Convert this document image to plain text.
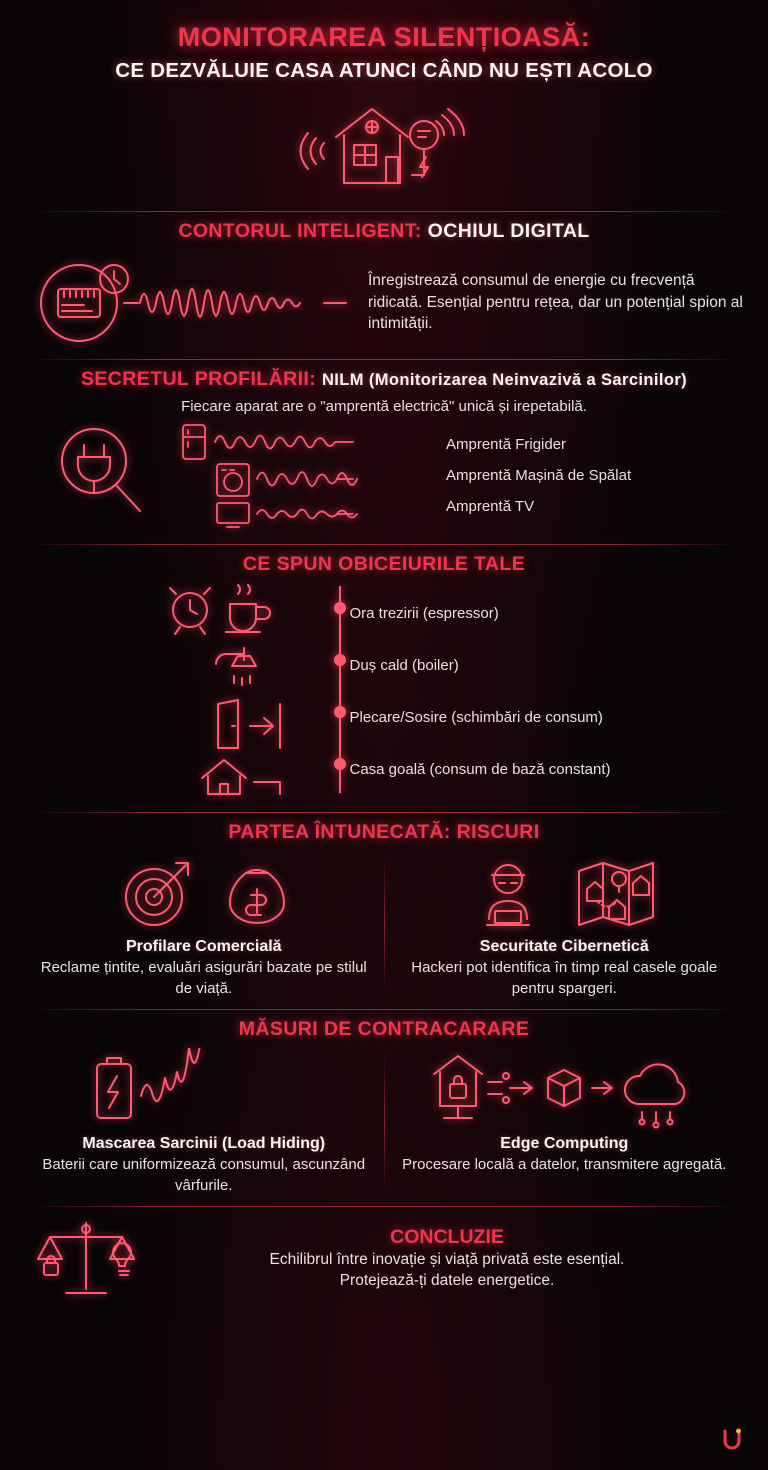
MONITORAREA SILENȚIOASĂ:
CE DEZVĂLUIE CASA ATUNCI CÂND NU EȘTI ACOLO
CONTORUL INTELIGENT: OCHIUL DIGITAL
Înregistrează consumul de energie cu frecvență ridicată. Esențial pentru rețea, dar un potențial spion al intimității.
SECRETUL PROFILĂRII: NILM (Monitorizarea Neinvazivă a Sarcinilor)
Fiecare aparat are o "amprentă electrică" unică și irepetabilă.
Amprentă Frigider
Amprentă Mașină de Spălat
Amprentă TV
CE SPUN OBICEIURILE TALE
Ora trezirii (espressor)
Duș cald (boiler)
Plecare/Sosire (schimbări de consum)
Casa goală (consum de bază constant)
PARTEA ÎNTUNECATĂ: RISCURI
Profilare Comercială
Reclame țintite, evaluări asigurări bazate pe stilul de viață.
Securitate Cibernetică
Hackeri pot identifica în timp real casele goale pentru spargeri.
MĂSURI DE CONTRACARARE
Mascarea Sarcinii (Load Hiding)
Baterii care uniformizează consumul, ascunzând vârfurile.
Edge Computing
Procesare locală a datelor, transmitere agregată.
CONCLUZIE
Echilibrul între inovație și viață privată este esențial.
Protejează-ți datele energetice.
